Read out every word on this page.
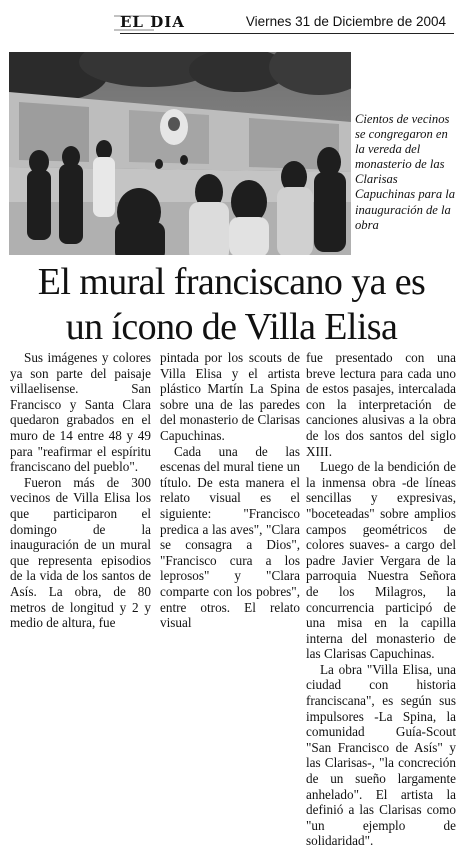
EL DIA	Viernes 31 de Diciembre de 2004
Cientos de vecinos se congregaron en la vereda del monasterio de las Clarisas Capuchinas para la inauguración de la obra
El mural franciscano ya es
un ícono de Villa Elisa

Sus imágenes y colores ya son parte del paisaje villaelisense. San Francisco y Santa Clara quedaron grabados en el muro de 14 entre 48 y 49 para "reafirmar el espíritu franciscano del pueblo".

Fueron más de 300 vecinos de Villa Elisa los que participaron el domingo de la inauguración de un mural que representa episodios de la vida de los santos de Asís. La obra, de 80 metros de longitud y 2 y medio de altura, fue

pintada por los scouts de Villa Elisa y el artista plástico Martín La Spina sobre una de las paredes del monasterio de Clarisas Capuchinas.

Cada una de las escenas del mural tiene un título. De esta manera el relato visual es el siguiente: "Francisco predica a las aves", "Clara se consagra a Dios", "Francisco cura a los leprosos" y "Clara comparte con los pobres", entre otros. El relato visual

fue presentado con una breve lectura para cada uno de estos pasajes, intercalada con la interpretación de canciones alusivas a la obra de los dos santos del siglo XIII.

Luego de la bendición de la inmensa obra -de líneas sencillas y expresivas, "boceteadas" sobre amplios campos geométricos de colores suaves- a cargo del padre Javier Vergara de la parroquia Nuestra Señora de los Milagros, la concurrencia participó de una misa en la capilla interna del monasterio de las Clarisas Capuchinas.

La obra "Villa Elisa, una ciudad con historia franciscana", es según sus impulsores -La Spina, la comunidad Guía-Scout "San Francisco de Asís" y las Clarisas-, "la concreción de un sueño largamente anhelado". El artista la definió a las Clarisas como "un ejemplo de solidaridad".
